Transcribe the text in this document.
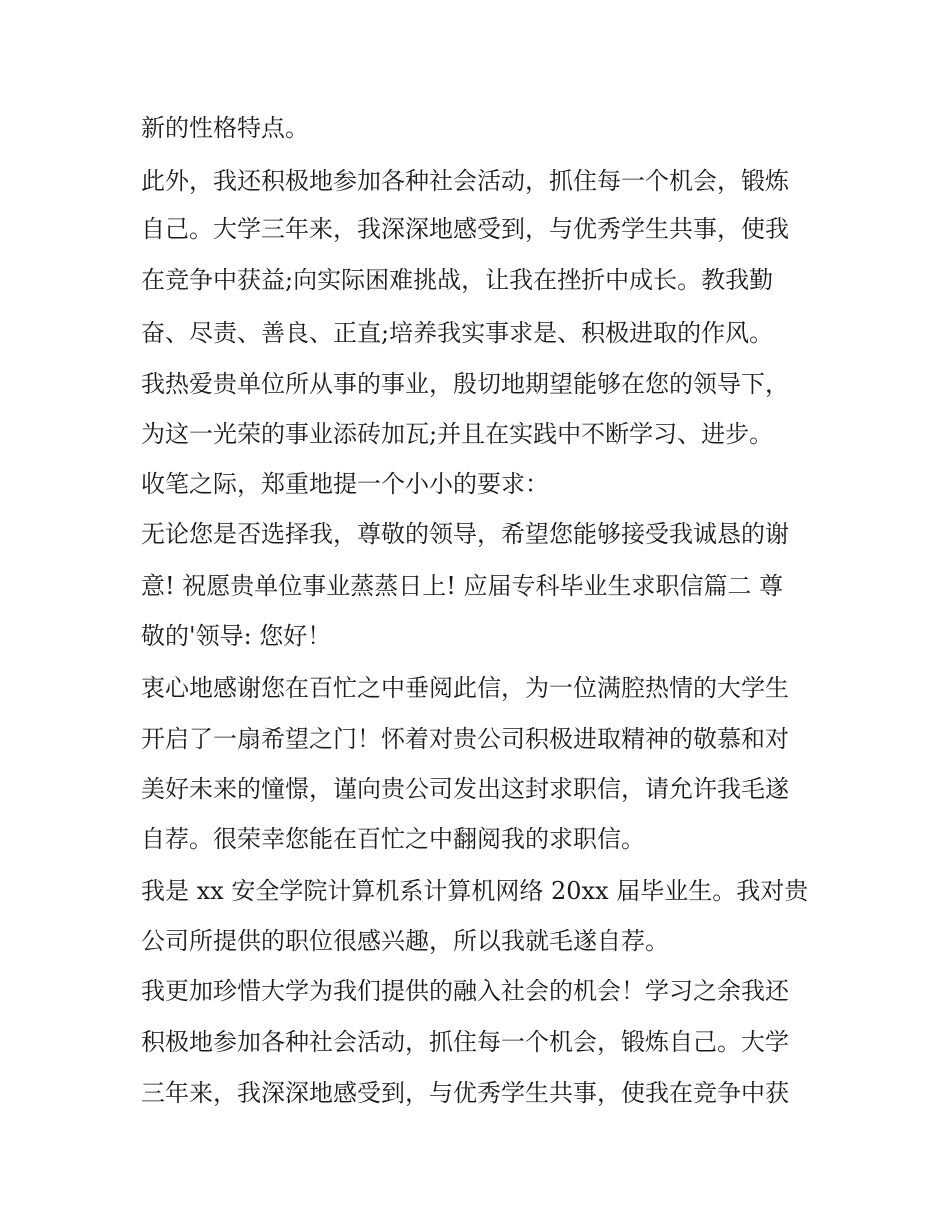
新的性格特点。
此外，我还积极地参加各种社会活动，抓住每一个机会，锻炼
自己。大学三年来，我深深地感受到，与优秀学生共事，使我
在竞争中获益;向实际困难挑战，让我在挫折中成长。教我勤
奋、尽责、善良、正直;培养我实事求是、积极进取的作风。
我热爱贵单位所从事的事业，殷切地期望能够在您的领导下，
为这一光荣的事业添砖加瓦;并且在实践中不断学习、进步。
收笔之际，郑重地提一个小小的要求：
无论您是否选择我，尊敬的领导，希望您能够接受我诚恳的谢
意! 祝愿贵单位事业蒸蒸日上! 应届专科毕业生求职信篇二 尊
敬的'领导: 您好！
衷心地感谢您在百忙之中垂阅此信，为一位满腔热情的大学生
开启了一扇希望之门！怀着对贵公司积极进取精神的敬慕和对
美好未来的憧憬，谨向贵公司发出这封求职信，请允许我毛遂
自荐。很荣幸您能在百忙之中翻阅我的求职信。
我是 xx 安全学院计算机系计算机网络 20xx 届毕业生。我对贵
公司所提供的职位很感兴趣，所以我就毛遂自荐。
我更加珍惜大学为我们提供的融入社会的机会！学习之余我还
积极地参加各种社会活动，抓住每一个机会，锻炼自己。大学
三年来，我深深地感受到，与优秀学生共事，使我在竞争中获
